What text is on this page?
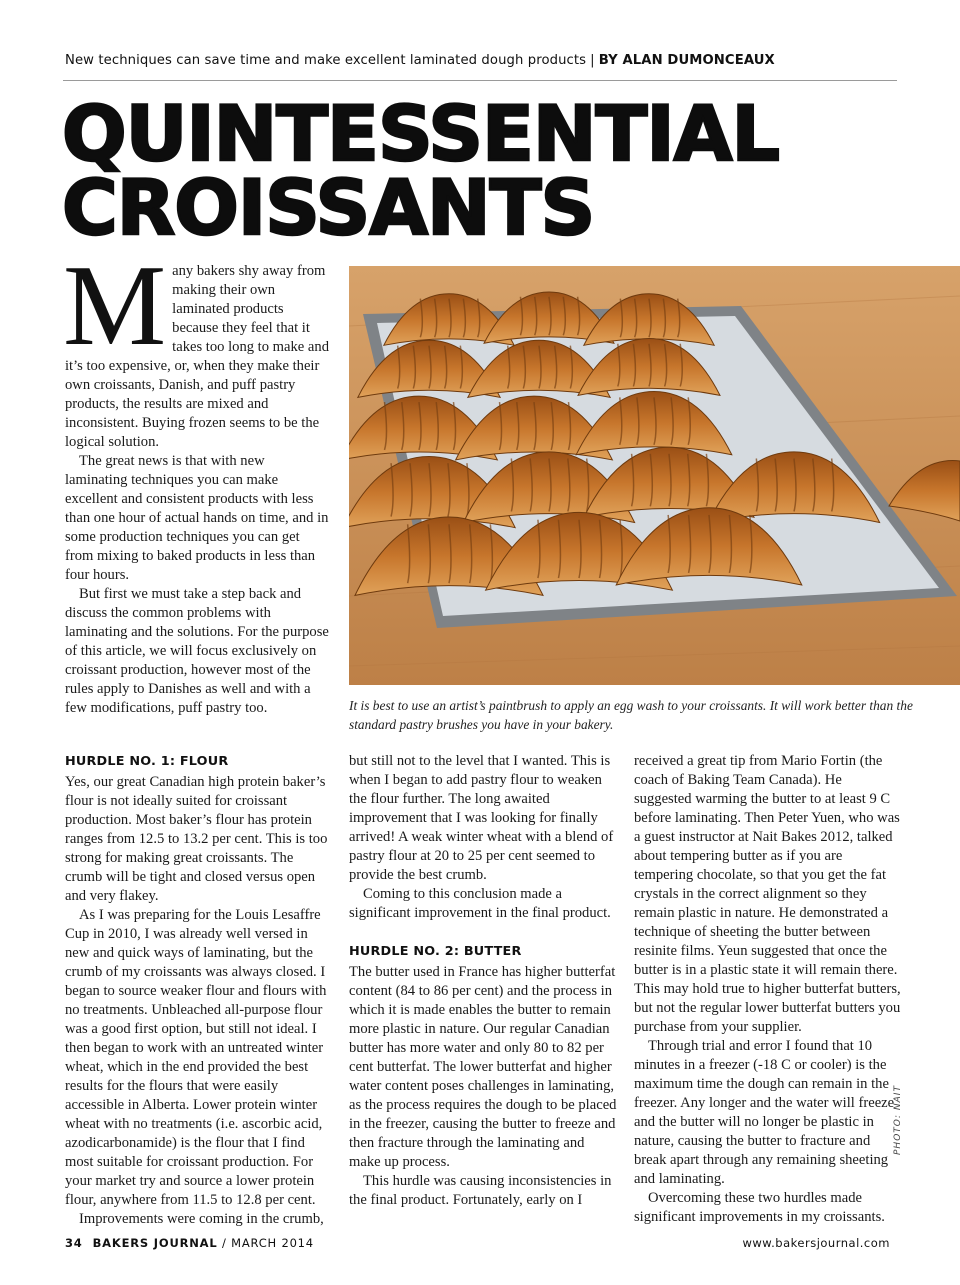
New techniques can save time and make excellent laminated dough products | BY ALAN DUMONCEAUX
QUINTESSENTIAL
CROISSANTS

Many bakers shy away from making their own laminated products because they feel that it takes too long to make and it’s too expensive, or, when they make their own croissants, Danish, and puff pastry products, the results are mixed and inconsistent. Buying frozen seems to be the logical solution.

The great news is that with new laminating techniques you can make excellent and consistent products with less than one hour of actual hands on time, and in some production techniques you can get from mixing to baked products in less than four hours.

But first we must take a step back and discuss the common problems with laminating and the solutions. For the purpose of this article, we will focus exclusively on croissant production, however most of the rules apply to Danishes as well and with a few modifications, puff pastry too.	It is best to use an artist’s paintbrush to apply an egg wash to your croissants. It will work better than the standard pastry brushes you have in your bakery.
PHOTO: NAIT
HURDLE NO. 1: FLOUR

Yes, our great Canadian high protein baker’s flour is not ideally suited for croissant production. Most baker’s flour has protein ranges from 12.5 to 13.2 per cent. This is too strong for making great croissants. The crumb will be tight and closed versus open and very flakey.

As I was preparing for the Louis Lesaffre Cup in 2010, I was already well versed in new and quick ways of laminating, but the crumb of my croissants was always closed. I began to source weaker flour and flours with no treatments. Unbleached all-purpose flour was a good first option, but still not ideal. I then began to work with an untreated winter wheat, which in the end provided the best results for the flours that were easily accessible in Alberta. Lower protein winter wheat with no treatments (i.e. ascorbic acid, azodicarbonamide) is the flour that I find most suitable for croissant production. For your market try and source a lower protein flour, anywhere from 11.5 to 12.8 per cent.

Improvements were coming in the crumb,

but still not to the level that I wanted. This is when I began to add pastry flour to weaken the flour further. The long awaited improvement that I was looking for finally arrived! A weak winter wheat with a blend of pastry flour at 20 to 25 per cent seemed to provide the best crumb.

Coming to this conclusion made a significant improvement in the final product.

HURDLE NO. 2: BUTTER

The butter used in France has higher butterfat content (84 to 86 per cent) and the process in which it is made enables the butter to remain more plastic in nature. Our regular Canadian butter has more water and only 80 to 82 per cent butterfat. The lower butterfat and higher water content poses challenges in laminating, as the process requires the dough to be placed in the freezer, causing the butter to freeze and then fracture through the laminating and make up process.

This hurdle was causing inconsistencies in the final product. Fortunately, early on I

received a great tip from Mario Fortin (the coach of Baking Team Canada). He suggested warming the butter to at least 9 C before laminating. Then Peter Yuen, who was a guest instructor at Nait Bakes 2012, talked about tempering butter as if you are tempering chocolate, so that you get the fat crystals in the correct alignment so they remain plastic in nature. He demonstrated a technique of sheeting the butter between resinite films. Yeun suggested that once the butter is in a plastic state it will remain there. This may hold true to higher butterfat butters, but not the regular lower butterfat butters you purchase from your supplier.

Through trial and error I found that 10 minutes in a freezer (-18 C or cooler) is the maximum time the dough can remain in the freezer. Any longer and the water will freeze and the butter will no longer be plastic in nature, causing the butter to fracture and break apart through any remaining sheeting and laminating.

Overcoming these two hurdles made significant improvements in my croissants.

34 BAKERS JOURNAL / MARCH 2014	www.bakersjournal.com
